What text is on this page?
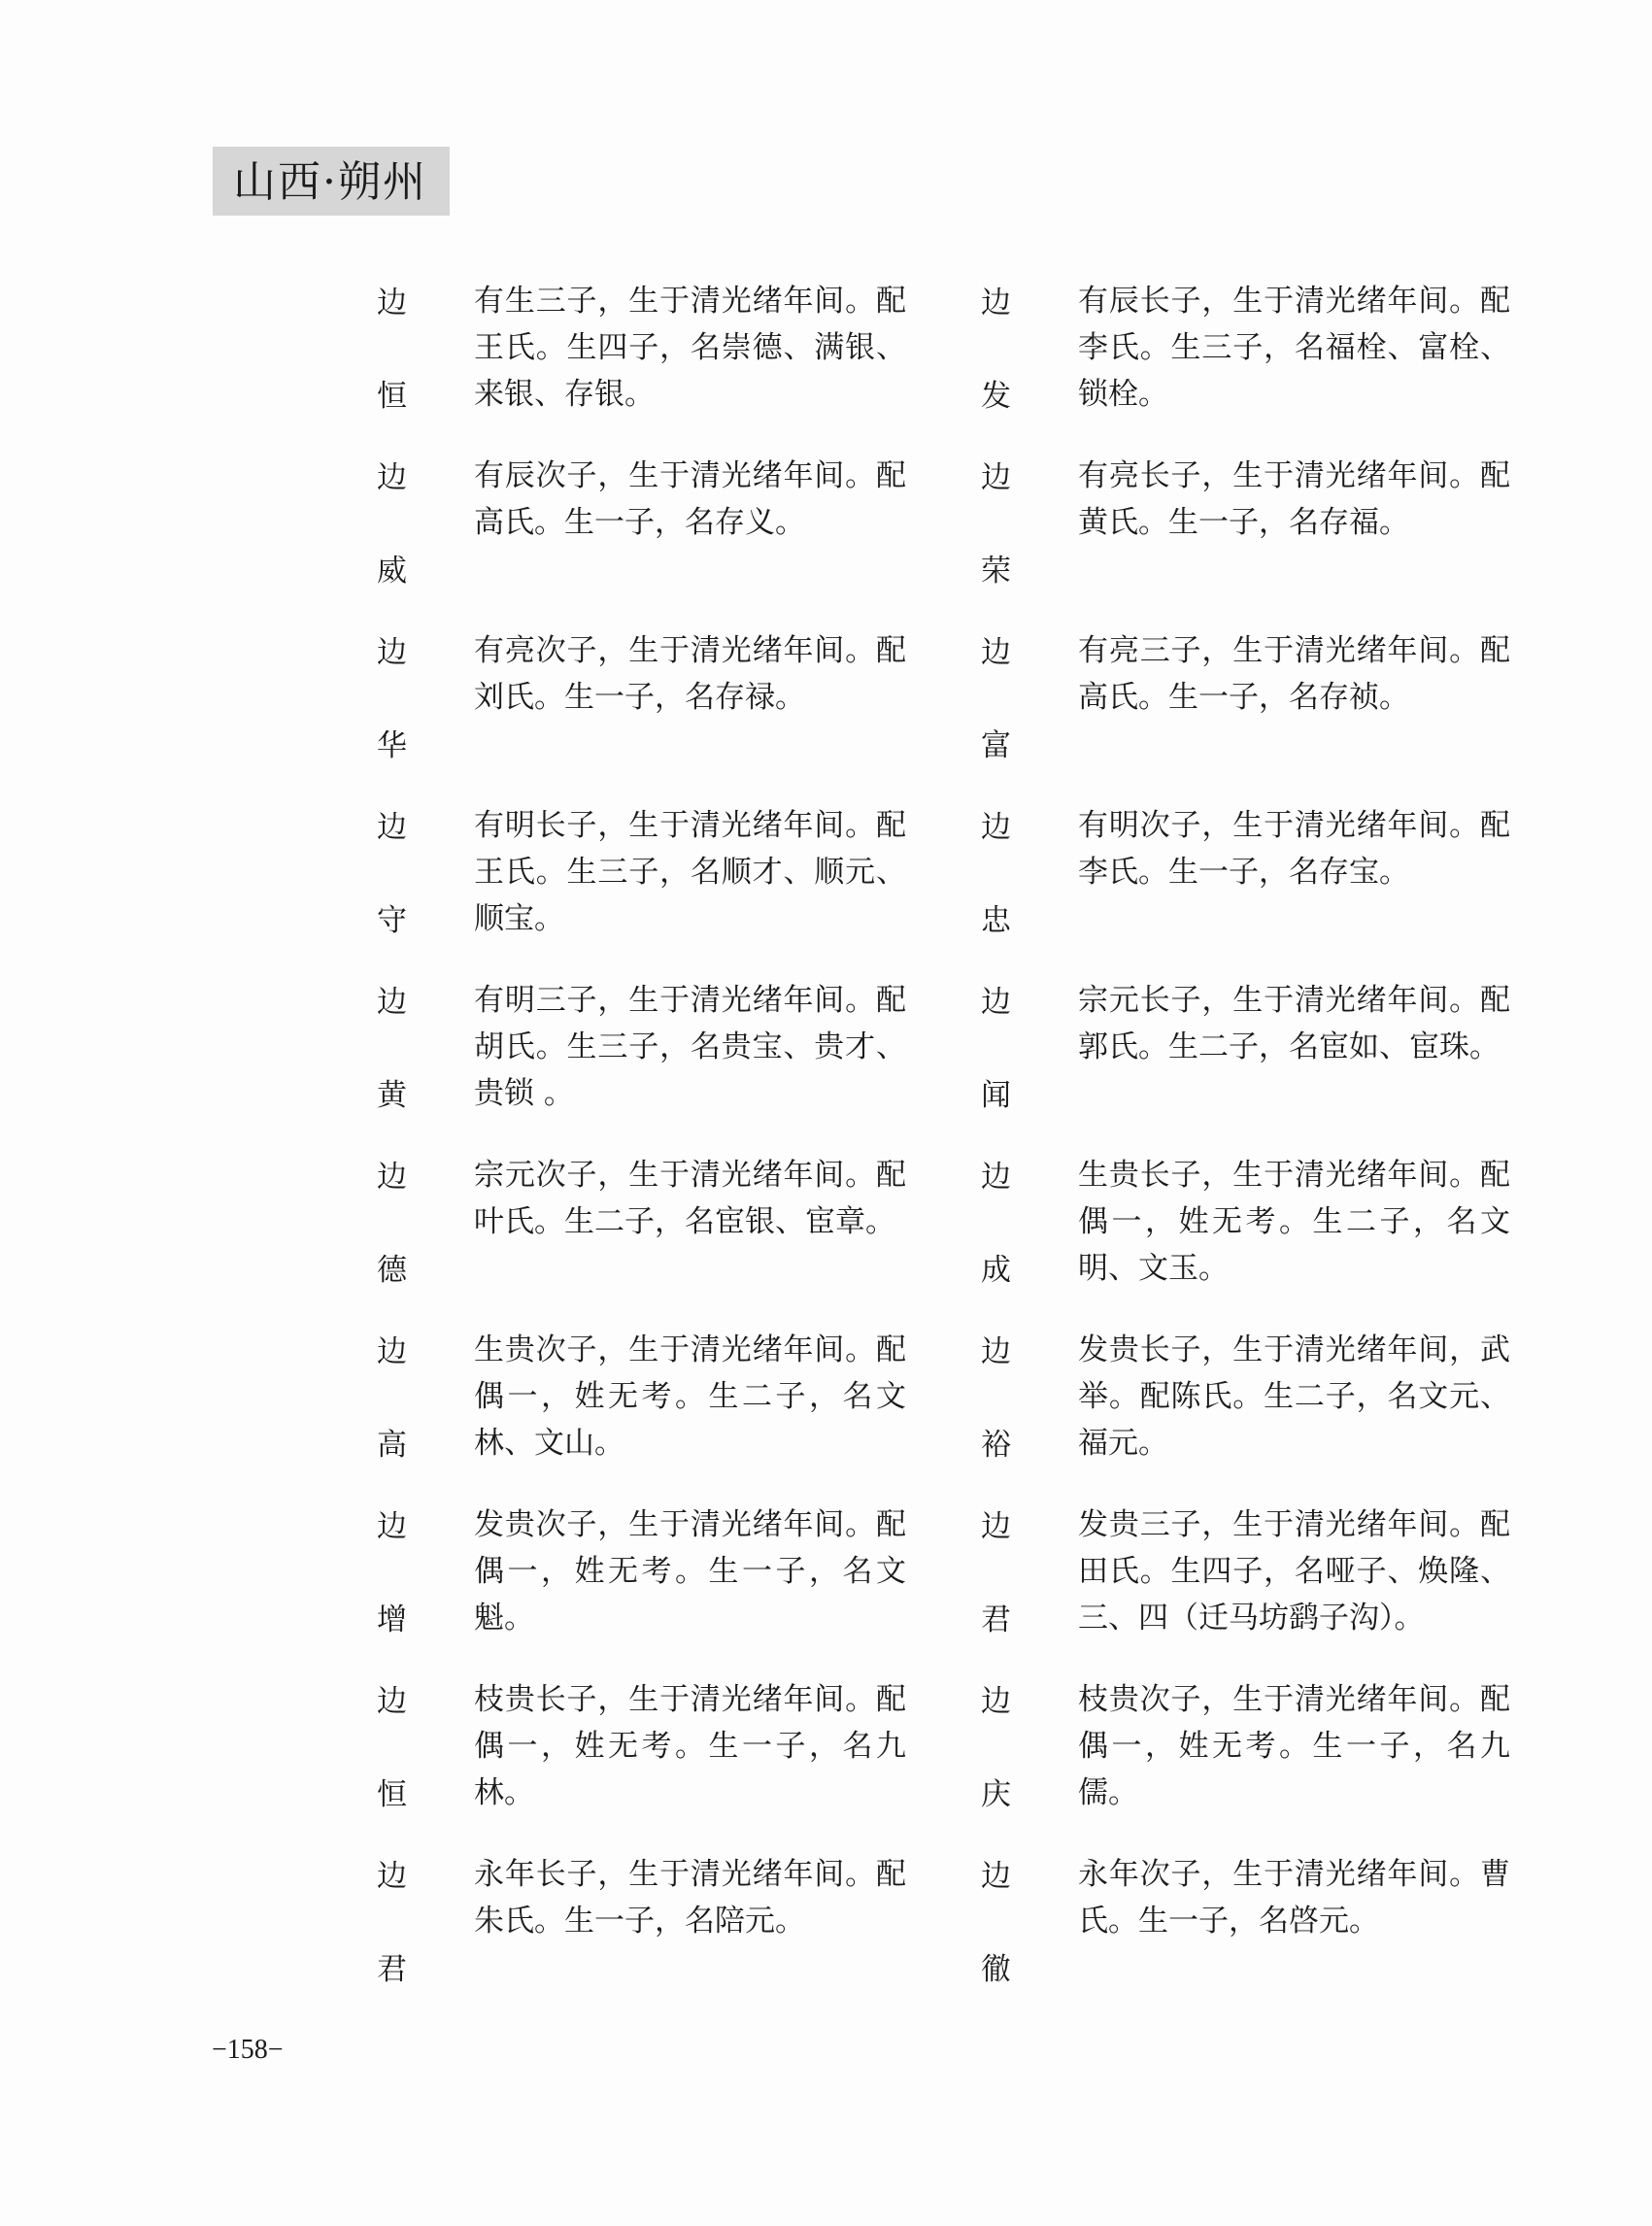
山西·朔州
边
恒
有生三子，生于清光绪年间。配王氏。生四子，名崇德、满银、来银、存银。
边
威
有辰次子，生于清光绪年间。配高氏。生一子，名存义。
边
华
有亮次子，生于清光绪年间。配刘氏。生一子，名存禄。
边
守
有明长子，生于清光绪年间。配王氏。生三子，名顺才、顺元、顺宝。
边
黄
有明三子，生于清光绪年间。配胡氏。生三子，名贵宝、贵才、贵锁 。
边
德
宗元次子，生于清光绪年间。配叶氏。生二子，名宦银、宦章。
边
高
生贵次子，生于清光绪年间。配偶一，姓无考。生二子，名文林、文山。
边
增
发贵次子，生于清光绪年间。配偶一，姓无考。生一子，名文魁。
边
恒
枝贵长子，生于清光绪年间。配偶一，姓无考。生一子，名九林。
边
君
永年长子，生于清光绪年间。配朱氏。生一子，名陪元。
边
发
有辰长子，生于清光绪年间。配李氏。生三子，名福栓、富栓、锁栓。
边
荣
有亮长子，生于清光绪年间。配黄氏。生一子，名存福。
边
富
有亮三子，生于清光绪年间。配高氏。生一子，名存祯。
边
忠
有明次子，生于清光绪年间。配李氏。生一子，名存宝。
边
闻
宗元长子，生于清光绪年间。配郭氏。生二子，名宦如、宦珠。
边
成
生贵长子，生于清光绪年间。配偶一，姓无考。生二子，名文明、文玉。
边
裕
发贵长子，生于清光绪年间，武举。配陈氏。生二子，名文元、福元。
边
君
发贵三子，生于清光绪年间。配田氏。生四子，名哑子、焕隆、三、四（迁马坊鹞子沟）。
边
庆
枝贵次子，生于清光绪年间。配偶一，姓无考。生一子，名九儒。
边
徹
永年次子，生于清光绪年间。曹氏。生一子，名啓元。
−158−
